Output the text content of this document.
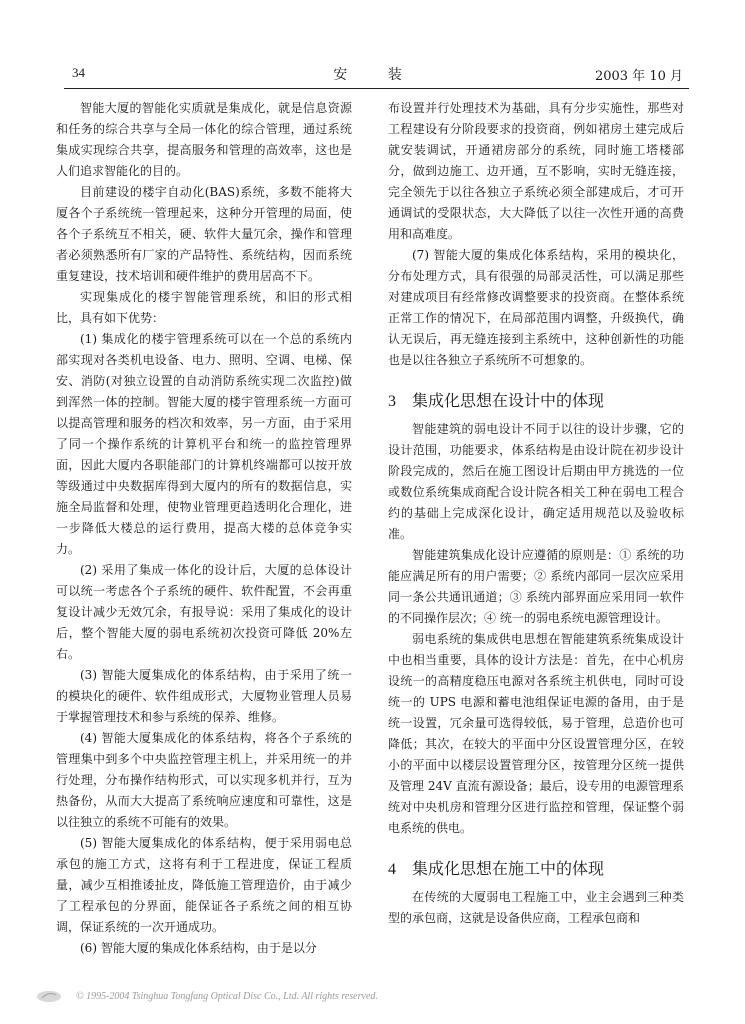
34	安 装	2003 年 10 月

智能大厦的智能化实质就是集成化，就是信息资源和任务的综合共享与全局一体化的综合管理，通过系统集成实现综合共享，提高服务和管理的高效率，这也是人们追求智能化的目的。

目前建设的楼宇自动化(BAS)系统，多数不能将大厦各个子系统统一管理起来，这种分开管理的局面，使各个子系统互不相关，硬、软件大量冗余，操作和管理者必须熟悉所有厂家的产品特性、系统结构，因而系统重复建设，技术培训和硬件维护的费用居高不下。

实现集成化的楼宇智能管理系统，和旧的形式相比，具有如下优势：

(1) 集成化的楼宇管理系统可以在一个总的系统内部实现对各类机电设备、电力、照明、空调、电梯、保安、消防(对独立设置的自动消防系统实现二次监控)做到浑然一体的控制。智能大厦的楼宇管理系统一方面可以提高管理和服务的档次和效率，另一方面，由于采用了同一个操作系统的计算机平台和统一的监控管理界面，因此大厦内各职能部门的计算机终端都可以按开放等级通过中央数据库得到大厦内的所有的数据信息，实施全局监督和处理，使物业管理更趋透明化合理化，进一步降低大楼总的运行费用，提高大楼的总体竞争实力。

(2) 采用了集成一体化的设计后，大厦的总体设计可以统一考虑各个子系统的硬件、软件配置，不会再重复设计减少无效冗余，有报导说：采用了集成化的设计后，整个智能大厦的弱电系统初次投资可降低 20%左右。

(3) 智能大厦集成化的体系结构，由于采用了统一的模块化的硬件、软件组成形式，大厦物业管理人员易于掌握管理技术和参与系统的保养、维修。

(4) 智能大厦集成化的体系结构，将各个子系统的管理集中到多个中央监控管理主机上，并采用统一的并行处理，分布操作结构形式，可以实现多机并行，互为热备份，从而大大提高了系统响应速度和可靠性，这是以往独立的系统不可能有的效果。

(5) 智能大厦集成化的体系结构，便于采用弱电总承包的施工方式，这将有利于工程进度，保证工程质量，减少互相推诿扯皮，降低施工管理造价，由于减少了工程承包的分界面，能保证各子系统之间的相互协调，保证系统的一次开通成功。

(6) 智能大厦的集成化体系结构，由于是以分

布设置并行处理技术为基础，具有分步实施性，那些对工程建设有分阶段要求的投资商，例如裙房土建完成后就安装调试，开通裙房部分的系统，同时施工塔楼部分，做到边施工、边开通，互不影响，实时无缝连接，完全领先于以往各独立子系统必须全部建成后，才可开通调试的受限状态，大大降低了以往一次性开通的高费用和高难度。

(7) 智能大厦的集成化体系结构，采用的模块化，分布处理方式，具有很强的局部灵活性，可以满足那些对建成项目有经常修改调整要求的投资商。在整体系统正常工作的情况下，在局部范围内调整，升级换代，确认无误后，再无缝连接到主系统中，这种创新性的功能也是以往各独立子系统所不可想象的。

3 集成化思想在设计中的体现

智能建筑的弱电设计不同于以往的设计步骤，它的设计范围，功能要求，体系结构是由设计院在初步设计阶段完成的，然后在施工图设计后期由甲方挑选的一位或数位系统集成商配合设计院各相关工种在弱电工程合约的基础上完成深化设计，确定适用规范以及验收标准。

智能建筑集成化设计应遵循的原则是：① 系统的功能应满足所有的用户需要；② 系统内部同一层次应采用同一条公共通讯通道；③ 系统内部界面应采用同一软件的不同操作层次；④ 统一的弱电系统电源管理设计。

弱电系统的集成供电思想在智能建筑系统集成设计中也相当重要，具体的设计方法是：首先，在中心机房设统一的高精度稳压电源对各系统主机供电，同时可设统一的 UPS 电源和蓄电池组保证电源的备用，由于是统一设置，冗余量可选得较低，易于管理，总造价也可降低；其次，在较大的平面中分区设置管理分区，在较小的平面中以楼层设置管理分区，按管理分区统一提供及管理 24V 直流有源设备；最后，设专用的电源管理系统对中央机房和管理分区进行监控和管理，保证整个弱电系统的供电。

4 集成化思想在施工中的体现

在传统的大厦弱电工程施工中，业主会遇到三种类型的承包商，这就是设备供应商，工程承包商和

© 1995-2004 Tsinghua Tongfang Optical Disc Co., Ltd. All rights reserved.
